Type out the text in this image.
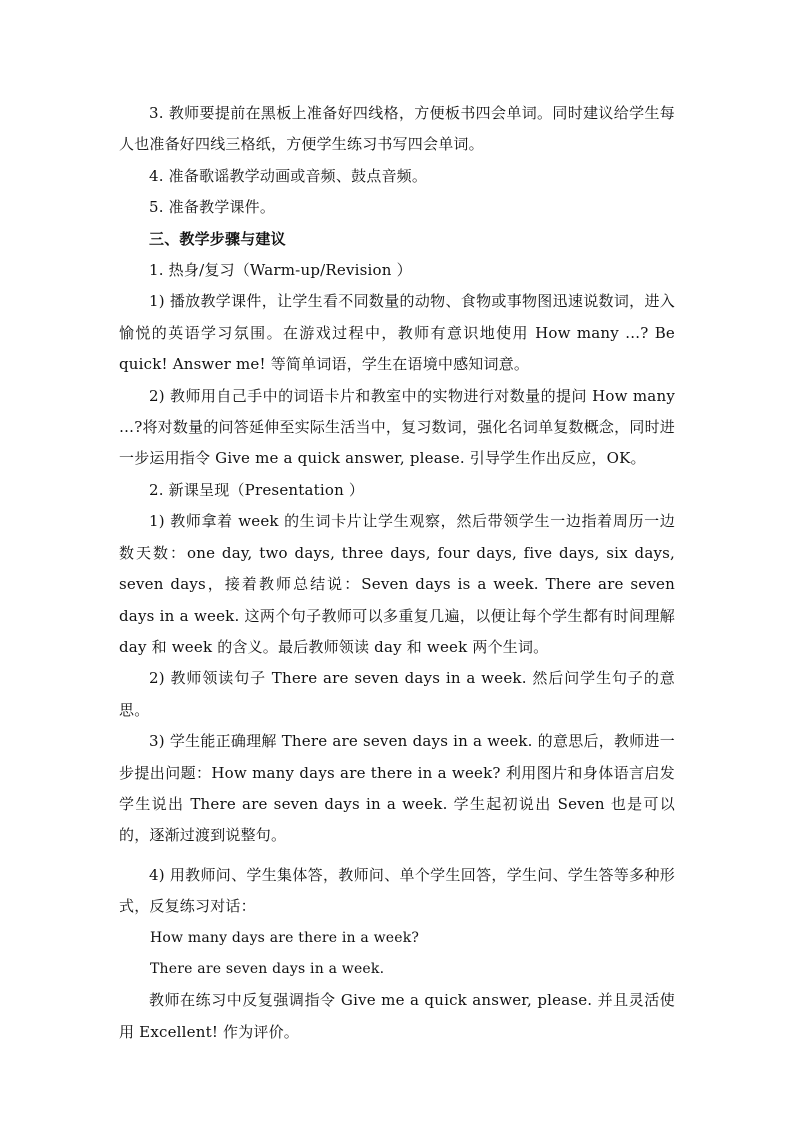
3. 教师要提前在黑板上准备好四线格，方便板书四会单词。同时建议给学生每人也准备好四线三格纸，方便学生练习书写四会单词。

4. 准备歌谣教学动画或音频、鼓点音频。

5. 准备教学课件。

三、教学步骤与建议

1. 热身/复习（Warm-up/Revision ）

1) 播放教学课件，让学生看不同数量的动物、食物或事物图迅速说数词，进入愉悦的英语学习氛围。在游戏过程中，教师有意识地使用 How many …? Be quick! Answer me! 等简单词语，学生在语境中感知词意。

2) 教师用自己手中的词语卡片和教室中的实物进行对数量的提问 How many …?将对数量的问答延伸至实际生活当中，复习数词，强化名词单复数概念，同时进一步运用指令 Give me a quick answer, please. 引导学生作出反应，OK。

2. 新课呈现（Presentation ）

1) 教师拿着 week 的生词卡片让学生观察，然后带领学生一边指着周历一边数天数：one day, two days, three days, four days, five days, six days, seven days，接着教师总结说：Seven days is a week. There are seven days in a week. 这两个句子教师可以多重复几遍，以便让每个学生都有时间理解 day 和 week 的含义。最后教师领读 day 和 week 两个生词。

2) 教师领读句子 There are seven days in a week. 然后问学生句子的意思。

3) 学生能正确理解 There are seven days in a week. 的意思后，教师进一步提出问题：How many days are there in a week? 利用图片和身体语言启发学生说出 There are seven days in a week. 学生起初说出 Seven 也是可以的，逐渐过渡到说整句。

4) 用教师问、学生集体答，教师问、单个学生回答，学生问、学生答等多种形式，反复练习对话：

How many days are there in a week?

There are seven days in a week.

教师在练习中反复强调指令 Give me a quick answer, please. 并且灵活使用 Excellent! 作为评价。
